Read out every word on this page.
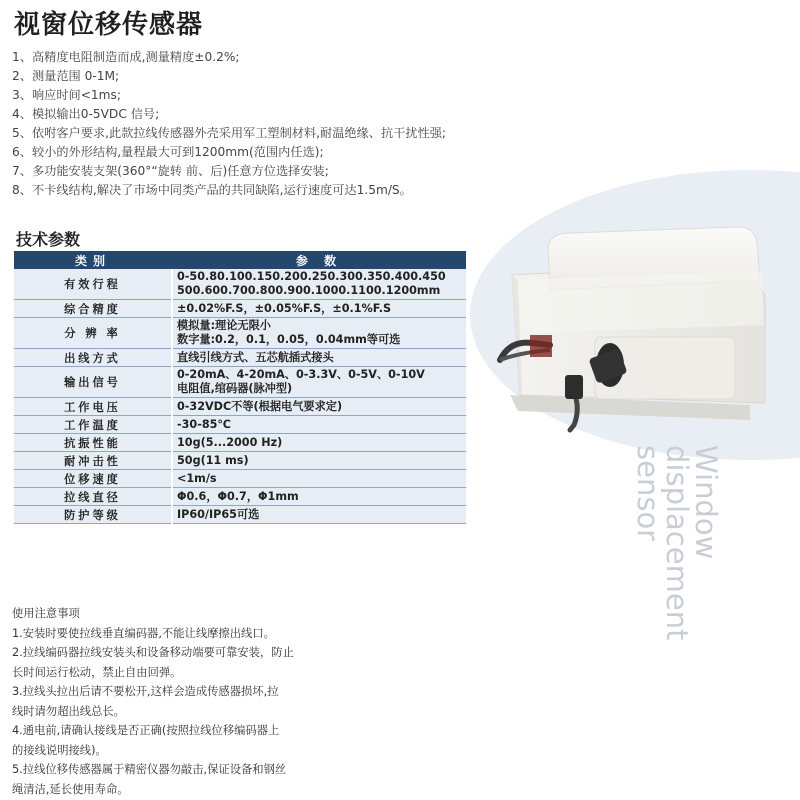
视窗位移传感器
1、高精度电阻制造而成,测量精度±0.2%;
2、测量范围 0-1M;
3、响应时间<1ms;
4、模拟输出0-5VDC 信号;
5、依咐客户要求,此款拉线传感器外壳采用军工塑制材料,耐温绝缘、抗干扰性强;
6、较小的外形结构,量程最大可到1200mm(范围内任选);
7、多功能安装支架(360°“旋转 前、后)任意方位选择安装;
8、不卡线结构,解决了市场中同类产品的共同缺陷,运行速度可达1.5m/S。
技术参数
类别	参 数
有效行程	0-50.80.100.150.200.250.300.350.400.450
500.600.700.800.900.1000.1100.1200mm

综合精度	±0.02%F.S，±0.05%F.S，±0.1%F.S

分 辨 率	模拟量:理论无限小
数字量:0.2，0.1，0.05，0.04mm等可选

出线方式	直线引线方式、五芯航插式接头

输出信号	0-20mA、4-20mA、0-3.3V、0-5V、0-10V
电阻值,绾码器(脉冲型)

工作电压	0-32VDC不等(根据电气要求定)

工作温度	-30-85℃

抗振性能	10g(5...2000 Hz)

耐冲击性	50g(11 ms)

位移速度	<1m/s

拉线直径	Φ0.6，Φ0.7，Φ1mm

防护等级	IP60/IP65可选	Window
displacement
sensor
使用注意事项
1.安装时要使拉线垂直编码器,不能让线摩擦出线口。
2.拉线编码器拉线安装头和设备移动端要可靠安装，防止
长时间运行松动，禁止自由回弹。
3.拉线头拉出后请不要松开,这样会造成传感器损坏,拉
线时请勿超出线总长。
4.通电前,请确认接线是否正确(按照拉线位移编码器上
的接线说明接线)。
5.拉线位移传感器属于精密仪器勿敲击,保证设备和钢丝
绳清洁,延长使用寿命。
